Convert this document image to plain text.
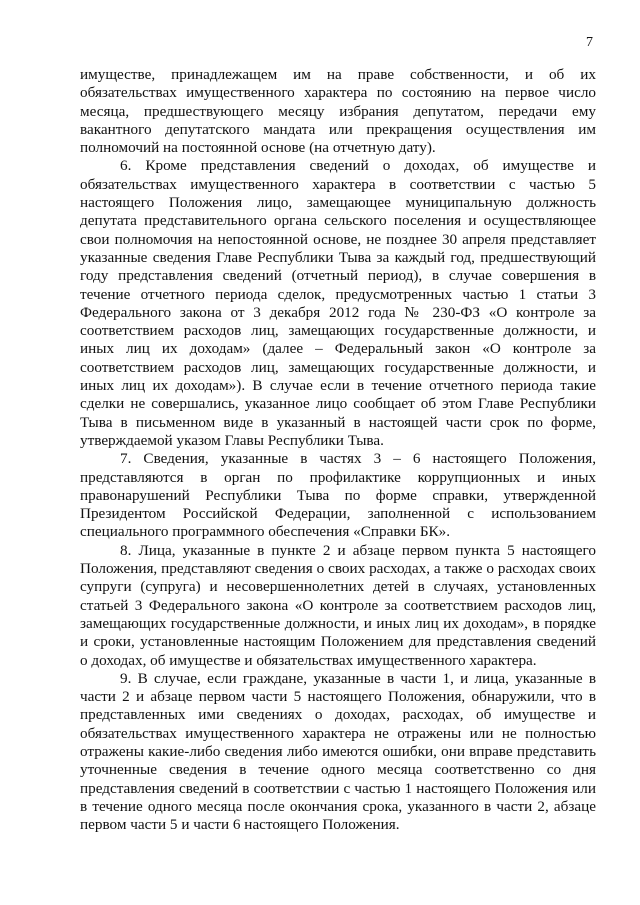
7

имуществе, принадлежащем им на праве собственности, и об их обязательствах имущественного характера по состоянию на первое число месяца, предшествующего месяцу избрания депутатом, передачи ему вакантного депутатского мандата или прекращения осуществления им полномочий на постоянной основе (на отчетную дату).

6. Кроме представления сведений о доходах, об имуществе и обязательствах имущественного характера в соответствии с частью 5 настоящего Положения лицо, замещающее муниципальную должность депутата представительного органа сельского поселения и осуществляющее свои полномочия на непостоянной основе, не позднее 30 апреля представляет указанные сведения Главе Республики Тыва за каждый год, предшествующий году представления сведений (отчетный период), в случае совершения в течение отчетного периода сделок, предусмотренных частью 1 статьи 3 Федерального закона от 3 декабря 2012 года № 230-ФЗ «О контроле за соответствием расходов лиц, замещающих государственные должности, и иных лиц их доходам» (далее – Федеральный закон «О контроле за соответствием расходов лиц, замещающих государственные должности, и иных лиц их доходам»). В случае если в течение отчетного периода такие сделки не совершались, указанное лицо сообщает об этом Главе Республики Тыва в письменном виде в указанный в настоящей части срок по форме, утверждаемой указом Главы Республики Тыва.

7. Сведения, указанные в частях 3 – 6 настоящего Положения, представляются в орган по профилактике коррупционных и иных правонарушений Республики Тыва по форме справки, утвержденной Президентом Российской Федерации, заполненной с использованием специального программного обеспечения «Справки БК».

8. Лица, указанные в пункте 2 и абзаце первом пункта 5 настоящего Положения, представляют сведения о своих расходах, а также о расходах своих супруги (супруга) и несовершеннолетних детей в случаях, установленных статьей 3 Федерального закона «О контроле за соответствием расходов лиц, замещающих государственные должности, и иных лиц их доходам», в порядке и сроки, установленные настоящим Положением для представления сведений о доходах, об имуществе и обязательствах имущественного характера.

9. В случае, если граждане, указанные в части 1, и лица, указанные в части 2 и абзаце первом части 5 настоящего Положения, обнаружили, что в представленных ими сведениях о доходах, расходах, об имуществе и обязательствах имущественного характера не отражены или не полностью отражены какие-либо сведения либо имеются ошибки, они вправе представить уточненные сведения в течение одного месяца соответственно со дня представления сведений в соответствии с частью 1 настоящего Положения или в течение одного месяца после окончания срока, указанного в части 2, абзаце первом части 5 и части 6 настоящего Положения.
